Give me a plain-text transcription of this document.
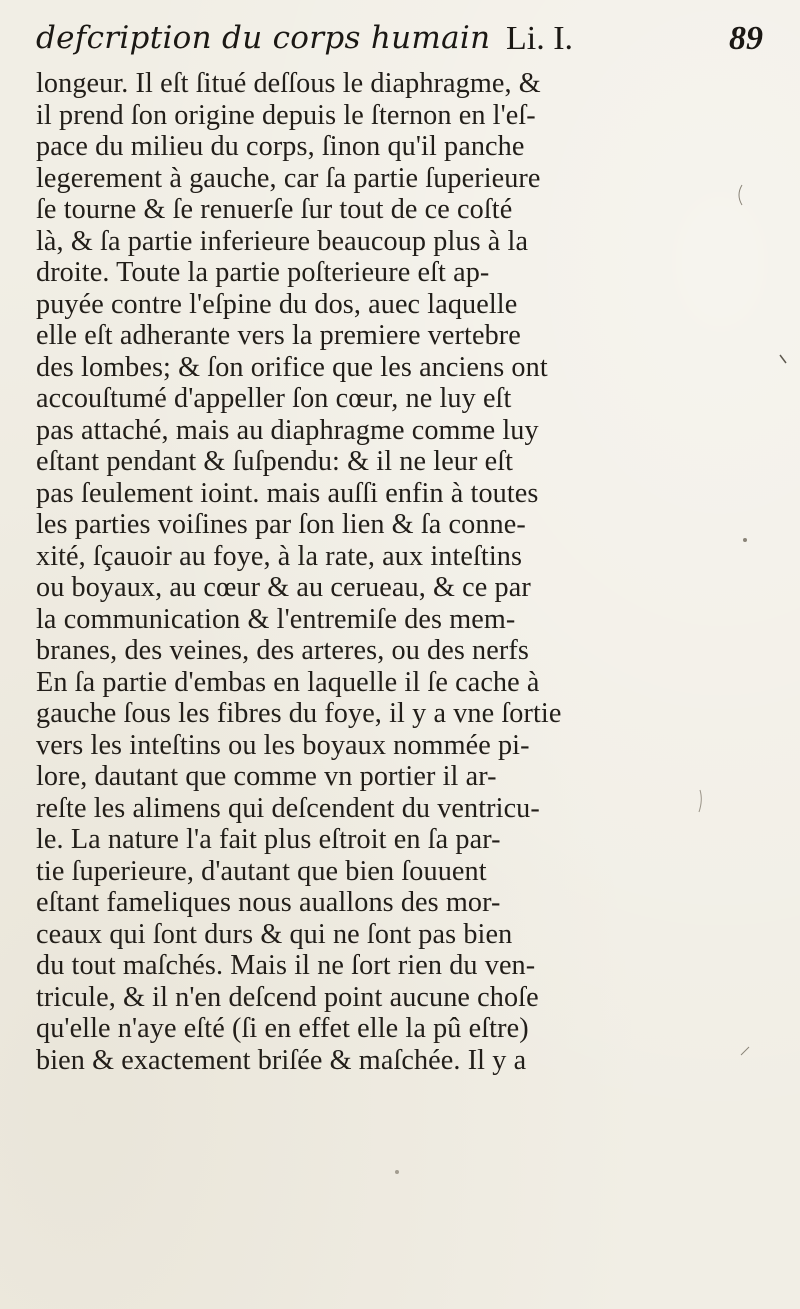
defcription du corps humain Li. I.	89
longeur. Il eſt ſitué deſſous le diaphragme, &
il prend ſon origine depuis le ſternon en l'eſ-
pace du milieu du corps, ſinon qu'il panche
legerement à gauche, car ſa partie ſuperieure
ſe tourne & ſe renuerſe ſur tout de ce coſté
là, & ſa partie inferieure beaucoup plus à la
droite. Toute la partie poſterieure eſt ap-
puyée contre l'eſpine du dos, auec laquelle
elle eſt adherante vers la premiere vertebre
des lombes; & ſon orifice que les anciens ont
accouſtumé d'appeller ſon cœur, ne luy eſt
pas attaché, mais au diaphragme comme luy
eſtant pendant & ſuſpendu: & il ne leur eſt
pas ſeulement ioint. mais auſſi enfin à toutes
les parties voiſines par ſon lien & ſa conne-
xité, ſçauoir au foye, à la rate, aux inteſtins
ou boyaux, au cœur & au cerueau, & ce par
la communication & l'entremiſe des mem-
branes, des veines, des arteres, ou des nerfs
En ſa partie d'embas en laquelle il ſe cache à
gauche ſous les fibres du foye, il y a vne ſortie
vers les inteſtins ou les boyaux nommée pi-
lore, dautant que comme vn portier il ar-
reſte les alimens qui deſcendent du ventricu-
le. La nature l'a fait plus eſtroit en ſa par-
tie ſuperieure, d'autant que bien ſouuent
eſtant fameliques nous auallons des mor-
ceaux qui ſont durs & qui ne ſont pas bien
du tout maſchés. Mais il ne ſort rien du ven-
tricule, & il n'en deſcend point aucune choſe
qu'elle n'aye eſté (ſi en effet elle la pû eſtre)
bien & exactement briſée & maſchée. Il y a
